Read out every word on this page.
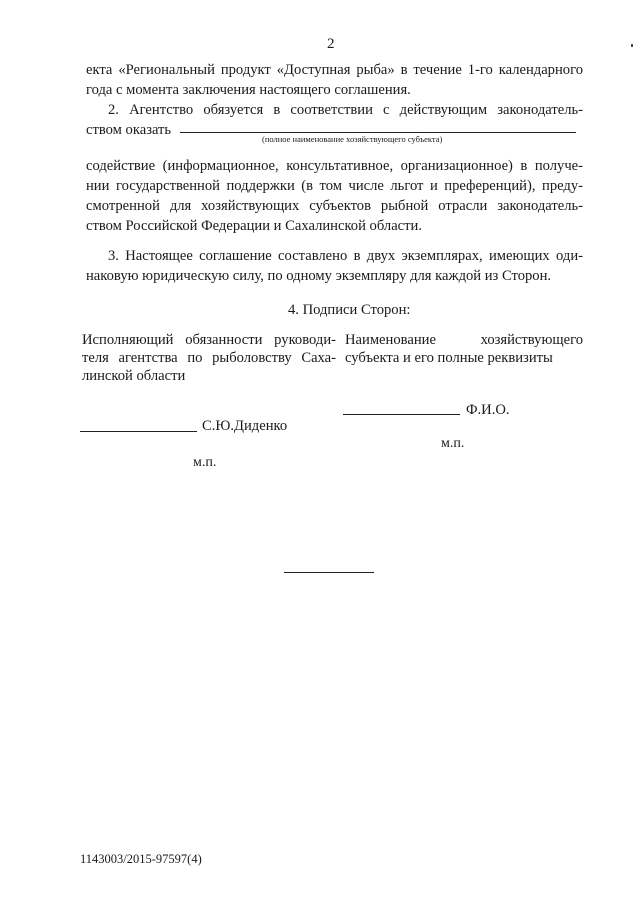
2
екта «Региональный продукт «Доступная рыба» в течение 1-го календарного
года с момента заключения настоящего соглашения.
2. Агентство обязуется в соответствии с действующим законодатель-
ством оказать
(полное наименование хозяйствующего субъекта)
содействие (информационное, консультативное, организационное) в получе-
нии государственной поддержки (в том числе льгот и преференций), преду-
смотренной для хозяйствующих субъектов рыбной отрасли законодатель-
ством Российской Федерации и Сахалинской области.
3. Настоящее соглашение составлено в двух экземплярах, имеющих оди-
наковую юридическую силу, по одному экземпляру для каждой из Сторон.
4. Подписи Сторон:
Исполняющий обязанности руководи-
теля агентства по рыболовству Саха-
линской области
С.Ю.Диденко
м.п.
Наименование хозяйствующего
субъекта и его полные реквизиты
Ф.И.О.
м.п.
1143003/2015-97597(4)
